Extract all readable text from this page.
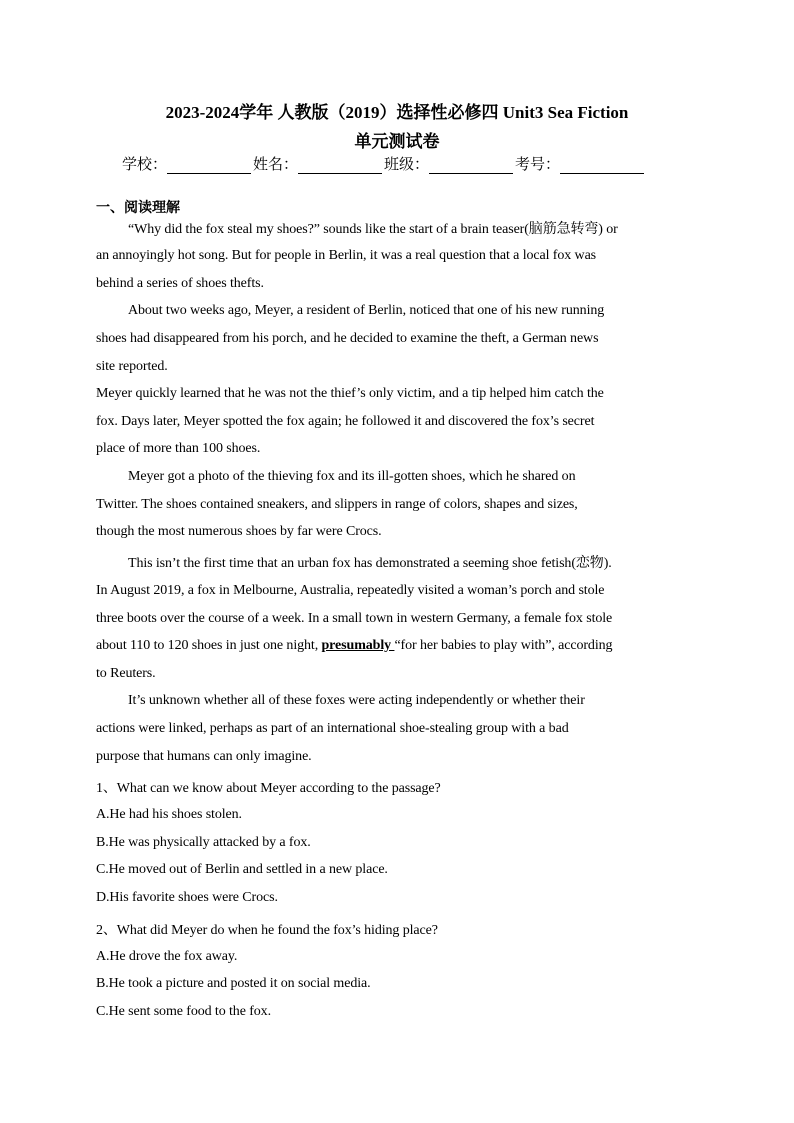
2023-2024学年 人教版（2019）选择性必修四 Unit3 Sea Fiction
单元测试卷
学校：	姓名：	班级：	考号：
一、阅读理解
“Why did the fox steal my shoes?” sounds like the start of a brain teaser(脑筋急转弯) or
an annoyingly hot song. But for people in Berlin, it was a real question that a local fox was
behind a series of shoes thefts.
About two weeks ago, Meyer, a resident of Berlin, noticed that one of his new running
shoes had disappeared from his porch, and he decided to examine the theft, a German news
site reported.
Meyer quickly learned that he was not the thief’s only victim, and a tip helped him catch the
fox. Days later, Meyer spotted the fox again; he followed it and discovered the fox’s secret
place of more than 100 shoes.
Meyer got a photo of the thieving fox and its ill-gotten shoes, which he shared on
Twitter. The shoes contained sneakers, and slippers in range of colors, shapes and sizes,
though the most numerous shoes by far were Crocs.
This isn’t the first time that an urban fox has demonstrated a seeming shoe fetish(恋物).
In August 2019, a fox in Melbourne, Australia, repeatedly visited a woman’s porch and stole
three boots over the course of a week. In a small town in western Germany, a female fox stole
about 110 to 120 shoes in just one night, presumably “for her babies to play with”, according
to Reuters.
It’s unknown whether all of these foxes were acting independently or whether their
actions were linked, perhaps as part of an international shoe-stealing group with a bad
purpose that humans can only imagine.
1、What can we know about Meyer according to the passage?
A.He had his shoes stolen.
B.He was physically attacked by a fox.
C.He moved out of Berlin and settled in a new place.
D.His favorite shoes were Crocs.
2、What did Meyer do when he found the fox’s hiding place?
A.He drove the fox away.
B.He took a picture and posted it on social media.
C.He sent some food to the fox.
